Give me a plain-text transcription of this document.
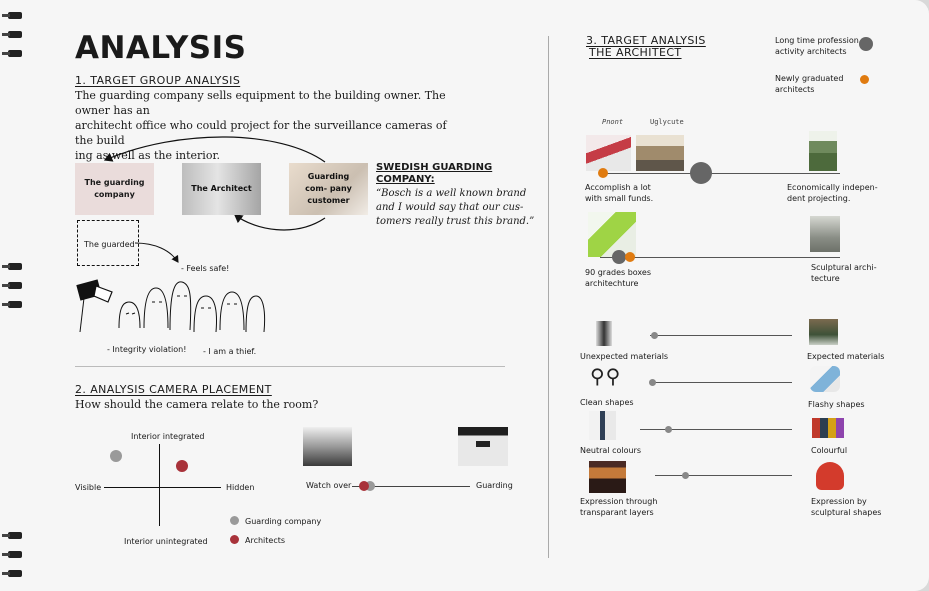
ANALYSIS
1. TARGET GROUP ANALYSIS
The guarding company sells equipment to the building owner. The owner has an
architecht office who could project for the surveillance cameras of the build
ing as well as the interior.
The guarding company
The Architect
Guarding com- pany customer
SWEDISH GUARDING
COMPANY:
“Bosch is a well known brand
and I would say that our cus-
tomers really trust this brand.”
The guarded
- Feels safe!
- Integrity violation! - I am a thief.
2. ANALYSIS CAMERA PLACEMENT
How should the camera relate to the room?
Interior integrated
Interior unintegrated
Visible	Hidden
Guarding company
Architects
Watch over	Guarding
3. TARGET ANALYSIS
THE ARCHITECT
Long time profession
activity architects
Newly graduated
architects
Pnont	Uglycute
Accomplish a lot
with small funds.
Economically indepen-
dent projecting.
90 grades boxes
architechture
Sculptural archi-
tecture
Unexpected materials	Expected materials
⚲⚲
Clean shapes	Flashy shapes
Neutral colours	Colourful
Expression through
transparant layers
Expression by
sculptural shapes
